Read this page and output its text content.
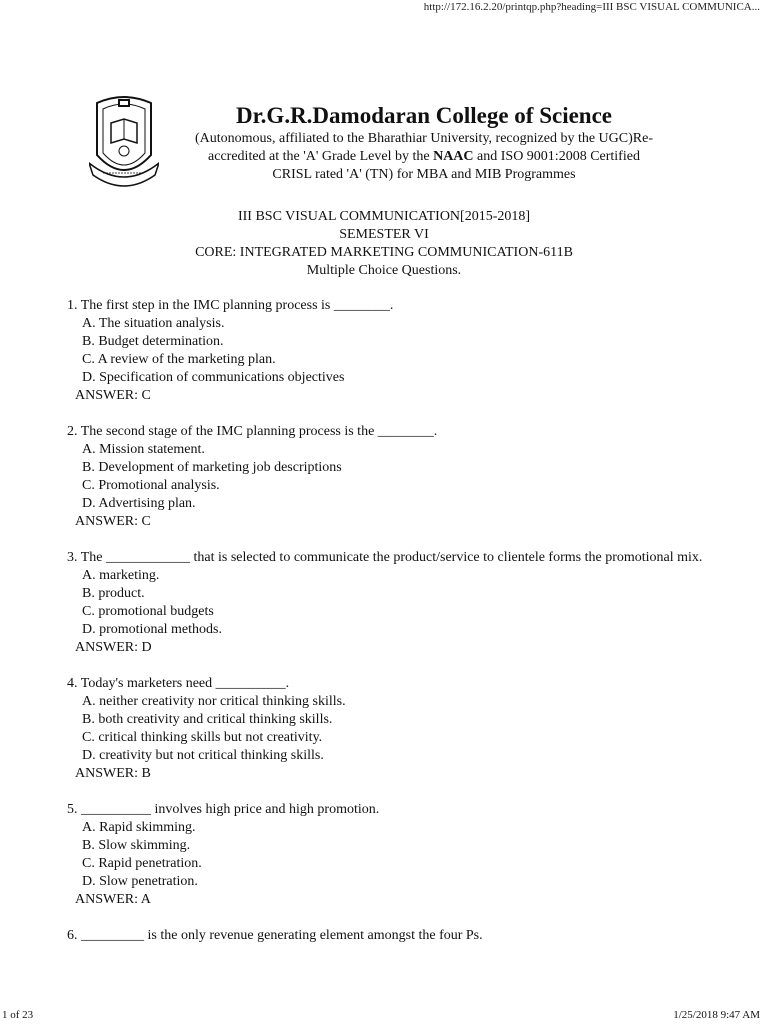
http://172.16.2.20/printqp.php?heading=III BSC VISUAL COMMUNICA...
Dr.G.R.Damodaran College of Science
(Autonomous, affiliated to the Bharathiar University, recognized by the UGC)Re-
accredited at the 'A' Grade Level by the NAAC and ISO 9001:2008 Certified
CRISL rated 'A' (TN) for MBA and MIB Programmes
III BSC VISUAL COMMUNICATION[2015-2018]
SEMESTER VI
CORE: INTEGRATED MARKETING COMMUNICATION-611B
Multiple Choice Questions.
1. The first step in the IMC planning process is ________.
A. The situation analysis.
B. Budget determination.
C. A review of the marketing plan.
D. Specification of communications objectives
ANSWER: C
2. The second stage of the IMC planning process is the ________.
A. Mission statement.
B. Development of marketing job descriptions
C. Promotional analysis.
D. Advertising plan.
ANSWER: C
3. The ____________ that is selected to communicate the product/service to clientele forms the promotional mix.
A. marketing.
B. product.
C. promotional budgets
D. promotional methods.
ANSWER: D
4. Today's marketers need __________.
A. neither creativity nor critical thinking skills.
B. both creativity and critical thinking skills.
C. critical thinking skills but not creativity.
D. creativity but not critical thinking skills.
ANSWER: B
5. __________ involves high price and high promotion.
A. Rapid skimming.
B. Slow skimming.
C. Rapid penetration.
D. Slow penetration.
ANSWER: A
6. _________ is the only revenue generating element amongst the four Ps.
1 of 23	1/25/2018 9:47 AM
